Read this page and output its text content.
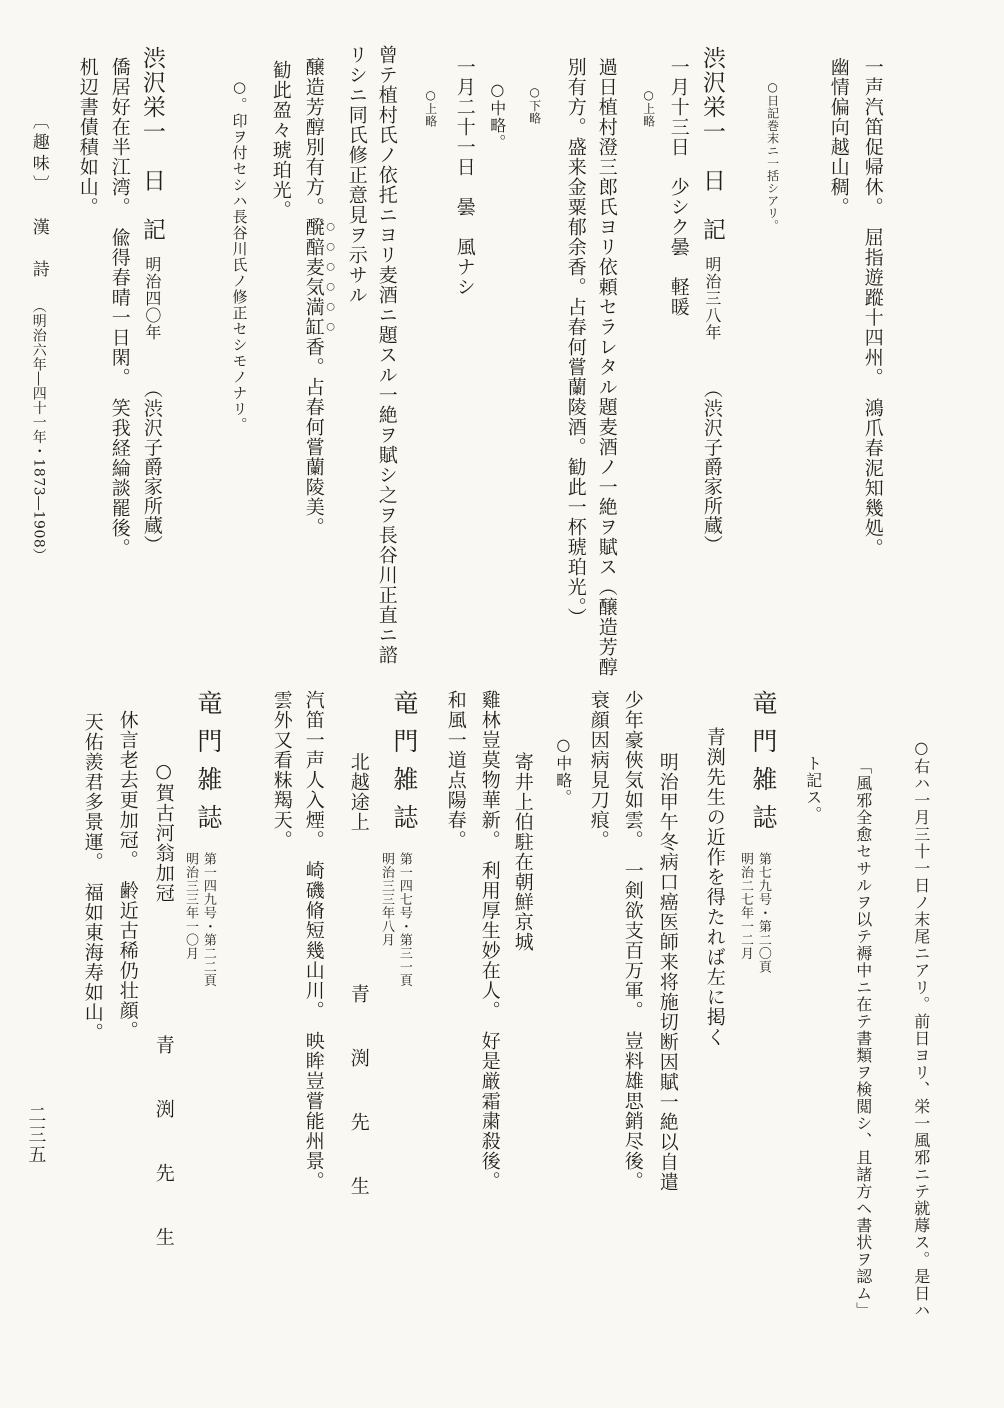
一声汽笛促帰休。　屈指遊蹤十四州。　鴻爪春泥知幾処。
幽情偏向越山稠。
○日記巻末ニ一括シアリ。
渋沢栄一　日　記明治三八年（渋沢子爵家所蔵）
一月十三日　少シク曇　軽暖
○上略
過日植村澄三郎氏ヨリ依頼セラレタル題麦酒ノ一絶ヲ賦ス（醸造芳醇
別有方。盛来金粟郁余香。占春何嘗蘭陵酒。勧此一杯琥珀光。）
○下略
○中略。
一月二十一日　曇　風ナシ
○上略
曾テ植村氏ノ依托ニヨリ麦酒ニ題スル一絶ヲ賦シ之ヲ長谷川正直ニ諮
リシニ同氏修正意見ヲ示サル
醸造芳醇別有方。醗醅麦気満缸香。占春何嘗蘭陵美。
勧此盈々琥珀光。
○。印ヲ付セシハ長谷川氏ノ修正セシモノナリ。
渋沢栄一　日　記明治四〇年（渋沢子爵家所蔵）
僑居好在半江湾。　偸得春晴一日閑。　笑我経綸談罷後。
机辺書債積如山。
〔趣味〕漢　詩（明治六年―四十一年・1873―1908）
○右ハ一月三十一日ノ末尾ニアリ。前日ヨリ、栄一風邪ニテ就蓐ス。是日ハ
「風邪全愈セサルヲ以テ褥中ニ在テ書類ヲ検閲シ、且諸方ヘ書状ヲ認ム」
ト記ス。
竜門雑誌
第七九号・第二〇頁
明治二七年一二月
青渕先生の近作を得たれば左に掲く
明治甲午冬病口癌医師来将施切断因賦一絶以自遣
少年豪俠気如雲。　一剣欲支百万軍。　豈料雄思銷尽後。
衰顔因病見刀痕。
○中略。
寄井上伯駐在朝鮮京城
雞林豈莫物華新。　利用厚生妙在人。　好是厳霜粛殺後。
和風一道点陽春。
竜門雑誌
第一四七号・第三一頁
明治三三年八月
北越途上青　渕　先　生
汽笛一声人入煙。　崎磯脩短幾山川。　映眸豈嘗能州景。
雲外又看粖羯天。
竜門雑誌
第一四九号・第二二頁
明治三三年一〇月
○賀古河翁加冠青　渕　先　生
休言老去更加冠。　齢近古稀仍壮顔。
天佑羨君多景運。　福如東海寿如山。
二三五
